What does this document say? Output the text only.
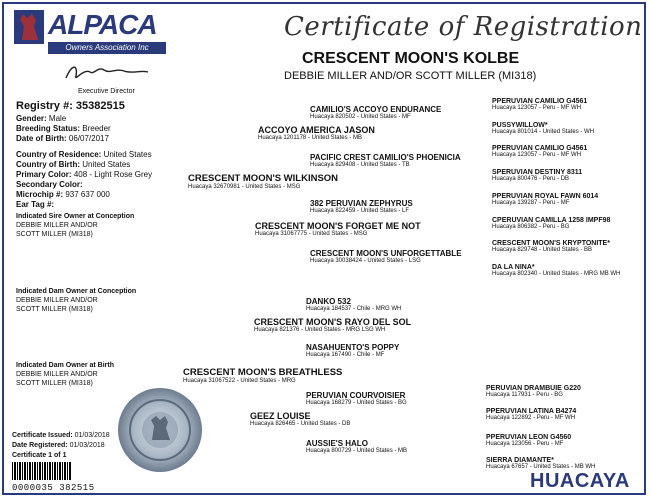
ALPACA
Owners Association Inc
Executive Director
Certificate of Registration
CRESCENT MOON'S KOLBE
DEBBIE MILLER AND/OR SCOTT MILLER (MI318)
Registry #: 35382515
Gender: Male
Breeding Status: Breeder
Date of Birth: 06/07/2017
Country of Residence: United States
Country of Birth: United States
Primary Color: 408 - Light Rose Grey
Secondary Color:
Microchip #: 937 637 000
Ear Tag #:
Indicated Sire Owner at Conception
DEBBIE MILLER AND/OR
SCOTT MILLER (MI318)
Indicated Dam Owner at Conception
DEBBIE MILLER AND/OR
SCOTT MILLER (MI318)
Indicated Dam Owner at Birth
DEBBIE MILLER AND/OR
SCOTT MILLER (MI318)
CRESCENT MOON'S WILKINSON
Huacaya 32670981 - United States - MSG
CRESCENT MOON'S BREATHLESS
Huacaya 31067522 - United States - MRG
ACCOYO AMERICA JASON
Huacaya 1201178 - United States - MB
CRESCENT MOON'S FORGET ME NOT
Huacaya 31067775 - United States - MSG
CRESCENT MOON'S RAYO DEL SOL
Huacaya 821376 - United States - MRG LSG WH
GEEZ LOUISE
Huacaya 826465 - United States - DB
CAMILIO'S ACCOYO ENDURANCE
Huacaya 820502 - United States - MF
PACIFIC CREST CAMILIO'S PHOENICIA
Huacaya 829408 - United States - TB
382 PERUVIAN ZEPHYRUS
Huacaya 822459 - United States - LF
CRESCENT MOON'S UNFORGETTABLE
Huacaya 30038424 - United States - LSG
DANKO 532
Huacaya 184537 - Chile - MRG WH
NASAHUENTO'S POPPY
Huacaya 167490 - Chile - MF
PERUVIAN COURVOISIER
Huacaya 168279 - United States - BG
AUSSIE'S HALO
Huacaya 800729 - United States - MB
PPERUVIAN CAMILIO G4561
Huacaya 123057 - Peru - MF WH
PUSSYWILLOW*
Huacaya 801014 - United States - WH
PPERUVIAN CAMILIO G4561
Huacaya 123057 - Peru - MF WH
SPERUVIAN DESTINY 8311
Huacaya 800476 - Peru - DB
PPERUVIAN ROYAL FAWN 6014
Huacaya 139287 - Peru - MF
CPERUVIAN CAMILLA 1258 IMPF98
Huacaya 806382 - Peru - BG
CRESCENT MOON'S KRYPTONITE*
Huacaya 829748 - United States - BB
DA LA NINA*
Huacaya 802340 - United States - MRG MB WH
PERUVIAN DRAMBUIE G220
Huacaya 117931 - Peru - BG
PPERUVIAN LATINA B4274
Huacaya 122892 - Peru - MF WH
PPERUVIAN LEON G4560
Huacaya 123056 - Peru - MF
SIERRA DIAMANTE*
Huacaya 67657 - United States - MB WH
Certificate Issued: 01/03/2018
Date Registered: 01/03/2018
Certificate 1 of 1
0000035 382515	HUACAYA
